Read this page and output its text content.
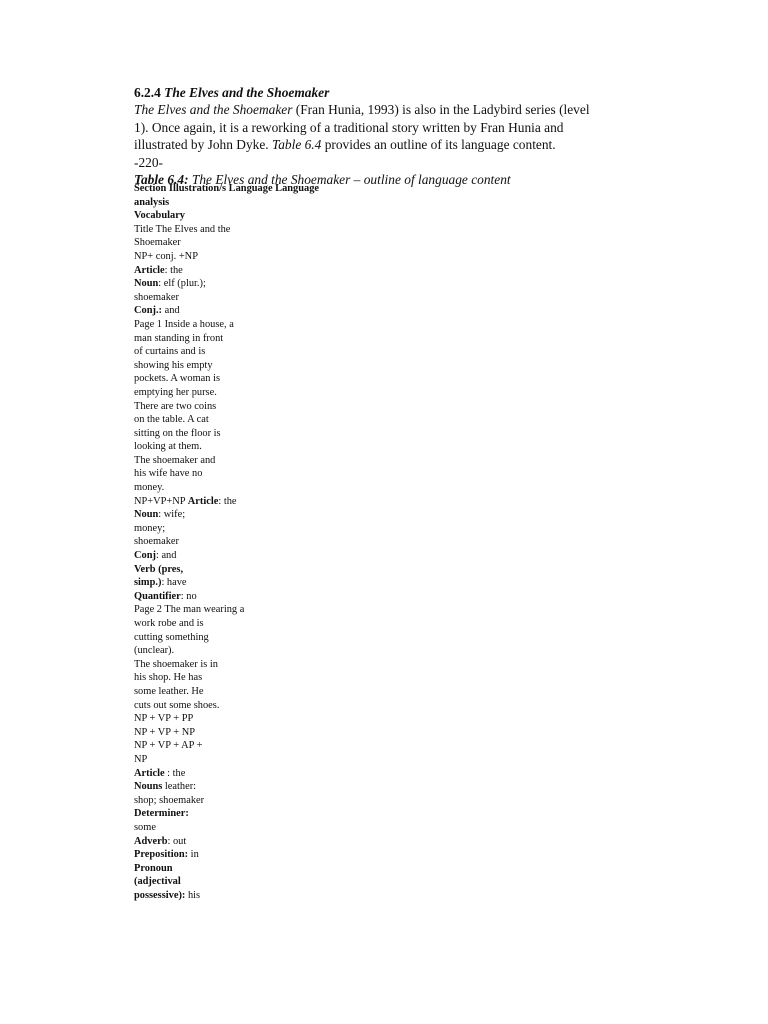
6.2.4 The Elves and the Shoemaker

The Elves and the Shoemaker (Fran Hunia, 1993) is also in the Ladybird series (level
1). Once again, it is a reworking of a traditional story written by Fran Hunia and
illustrated by John Dyke. Table 6.4 provides an outline of its language content.

-220-

Table 6.4: The Elves and the Shoemaker – outline of language content

Section Illustration/s Language Language
analysis
Vocabulary
Title The Elves and the
Shoemaker
NP+ conj. +NP
Article: the
Noun: elf (plur.);
shoemaker
Conj.: and
Page 1 Inside a house, a
man standing in front
of curtains and is
showing his empty
pockets. A woman is
emptying her purse.
There are two coins
on the table. A cat
sitting on the floor is
looking at them.
The shoemaker and
his wife have no
money.
NP+VP+NP Article: the
Noun: wife;
money;
shoemaker
Conj: and
Verb (pres,
simp.): have
Quantifier: no
Page 2 The man wearing a
work robe and is
cutting something
(unclear).
The shoemaker is in
his shop. He has
some leather. He
cuts out some shoes.
NP + VP + PP
NP + VP + NP
NP + VP + AP +
NP
Article : the
Nouns leather:
shop; shoemaker
Determiner:
some
Adverb: out
Preposition: in
Pronoun
(adjectival
possessive): his
